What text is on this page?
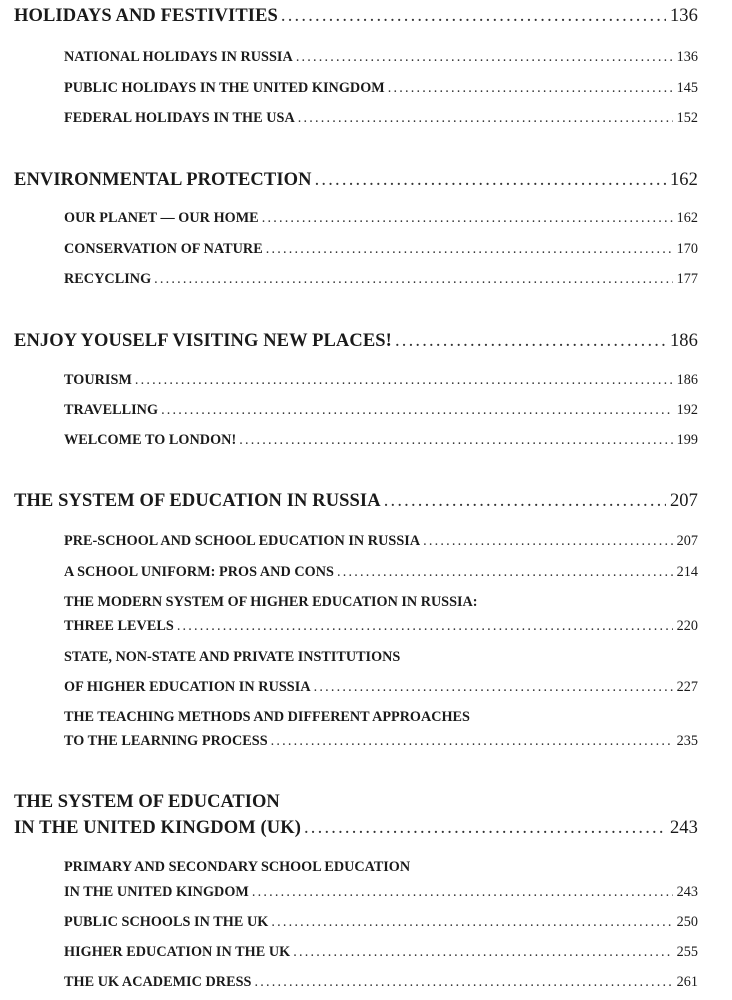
HOLIDAYS AND FESTIVITIES .....	136
NATIONAL HOLIDAYS IN RUSSIA .....	136
PUBLIC HOLIDAYS IN THE UNITED KINGDOM .....	145
FEDERAL HOLIDAYS IN THE USA .....	152
ENVIRONMENTAL PROTECTION .....	162
OUR PLANET — OUR HOME .....	162
CONSERVATION OF NATURE .....	170
RECYCLING .....	177
ENJOY YOUSELF VISITING NEW PLACES! .....	186
TOURISM .....	186
TRAVELLING .....	192
WELCOME TO LONDON! .....	199
THE SYSTEM OF EDUCATION IN RUSSIA .....	207
PRE-SCHOOL AND SCHOOL EDUCATION IN RUSSIA .....	207
A SCHOOL UNIFORM: PROS AND CONS .....	214
THE MODERN SYSTEM OF HIGHER EDUCATION IN RUSSIA:
THREE LEVELS .....	220
STATE, NON-STATE AND PRIVATE INSTITUTIONS
OF HIGHER EDUCATION IN RUSSIA .....	227
THE TEACHING METHODS AND DIFFERENT APPROACHES
TO THE LEARNING PROCESS .....	235
THE SYSTEM OF EDUCATION
IN THE UNITED KINGDOM (UK) .....	243
PRIMARY AND SECONDARY SCHOOL EDUCATION
IN THE UNITED KINGDOM .....	243
PUBLIC SCHOOLS IN THE UK .....	250
HIGHER EDUCATION IN THE UK .....	255
THE UK ACADEMIC DRESS .....	261
